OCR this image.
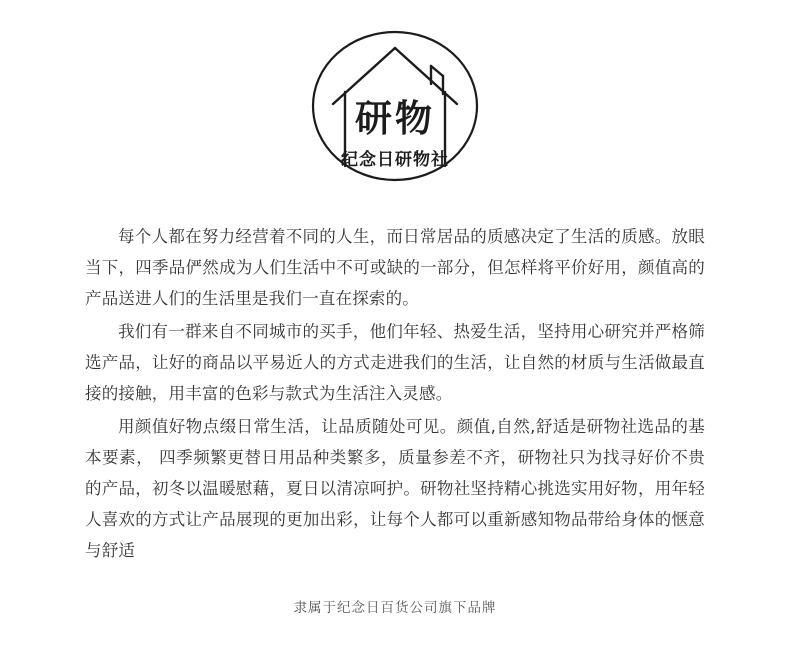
研物
纪念日研物社

每个人都在努力经营着不同的人生，而日常居品的质感决定了生活的质感。放眼当下，四季品俨然成为人们生活中不可或缺的一部分，但怎样将平价好用，颜值高的产品送进人们的生活里是我们一直在探索的。

我们有一群来自不同城市的买手，他们年轻、热爱生活，坚持用心研究并严格筛选产品，让好的商品以平易近人的方式走进我们的生活，让自然的材质与生活做最直接的接触，用丰富的色彩与款式为生活注入灵感。

用颜值好物点缀日常生活，让品质随处可见。颜值,自然,舒适是研物社选品的基本要素， 四季频繁更替日用品种类繁多，质量参差不齐，研物社只为找寻好价不贵的产品，初冬以温暖慰藉，夏日以清凉呵护。研物社坚持精心挑选实用好物，用年轻人喜欢的方式让产品展现的更加出彩，让每个人都可以重新感知物品带给身体的惬意与舒适

隶属于纪念日百货公司旗下品牌
